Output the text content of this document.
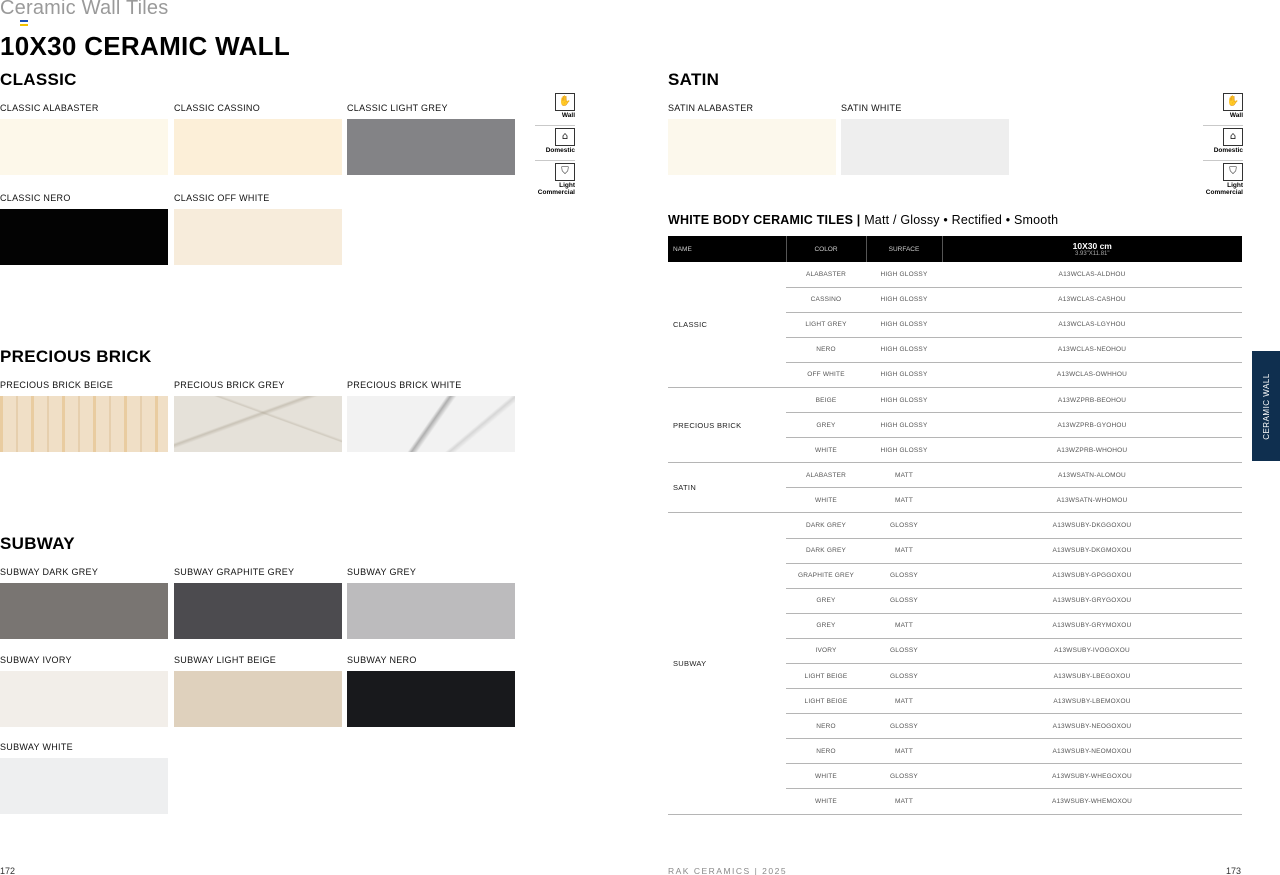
Ceramic Wall Tiles
10X30 CERAMIC WALL
CLASSIC
CLASSIC ALABASTER	CLASSIC CASSINO	CLASSIC LIGHT GREY
CLASSIC NERO	CLASSIC OFF WHITE
PRECIOUS BRICK
PRECIOUS BRICK BEIGE	PRECIOUS BRICK GREY	PRECIOUS BRICK WHITE
SUBWAY
SUBWAY DARK GREY	SUBWAY GRAPHITE GREY	SUBWAY GREY
SUBWAY IVORY	SUBWAY LIGHT BEIGE	SUBWAY NERO
SUBWAY WHITE
✋
Wall
⌂
Domestic
⛉
Light
Commercial
SATIN
SATIN ALABASTER	SATIN WHITE
✋
Wall
⌂
Domestic
⛉
Light
Commercial
WHITE BODY CERAMIC TILES | Matt / Glossy • Rectified • Smooth
NAME	COLOR	SURFACE	10X30 cm
3.93"X11.81"

CLASSIC	ALABASTER	HIGH GLOSSY	A13WCLAS-ALDHOU
	CASSINO	HIGH GLOSSY	A13WCLAS-CASHOU
	LIGHT GREY	HIGH GLOSSY	A13WCLAS-LGYHOU
	NERO	HIGH GLOSSY	A13WCLAS-NEOHOU
	OFF WHITE	HIGH GLOSSY	A13WCLAS-OWHHOU
PRECIOUS BRICK	BEIGE	HIGH GLOSSY	A13WZPRB-BEOHOU
	GREY	HIGH GLOSSY	A13WZPRB-GYOHOU
	WHITE	HIGH GLOSSY	A13WZPRB-WHOHOU
SATIN	ALABASTER	MATT	A13WSATN-ALOMOU
	WHITE	MATT	A13WSATN-WHOMOU
SUBWAY	DARK GREY	GLOSSY	A13WSUBY-DKGGOXOU
	DARK GREY	MATT	A13WSUBY-DKGMOXOU
	GRAPHITE GREY	GLOSSY	A13WSUBY-GPGGOXOU
	GREY	GLOSSY	A13WSUBY-GRYGOXOU
	GREY	MATT	A13WSUBY-GRYMOXOU
	IVORY	GLOSSY	A13WSUBY-IVOGOXOU
	LIGHT BEIGE	GLOSSY	A13WSUBY-LBEGOXOU
	LIGHT BEIGE	MATT	A13WSUBY-LBEMOXOU
	NERO	GLOSSY	A13WSUBY-NEOGOXOU
	NERO	MATT	A13WSUBY-NEOMOXOU
	WHITE	GLOSSY	A13WSUBY-WHEGOXOU
	WHITE	MATT	A13WSUBY-WHEMOXOU
CERAMIC WALL
172	RAK CERAMICS | 2025	173
